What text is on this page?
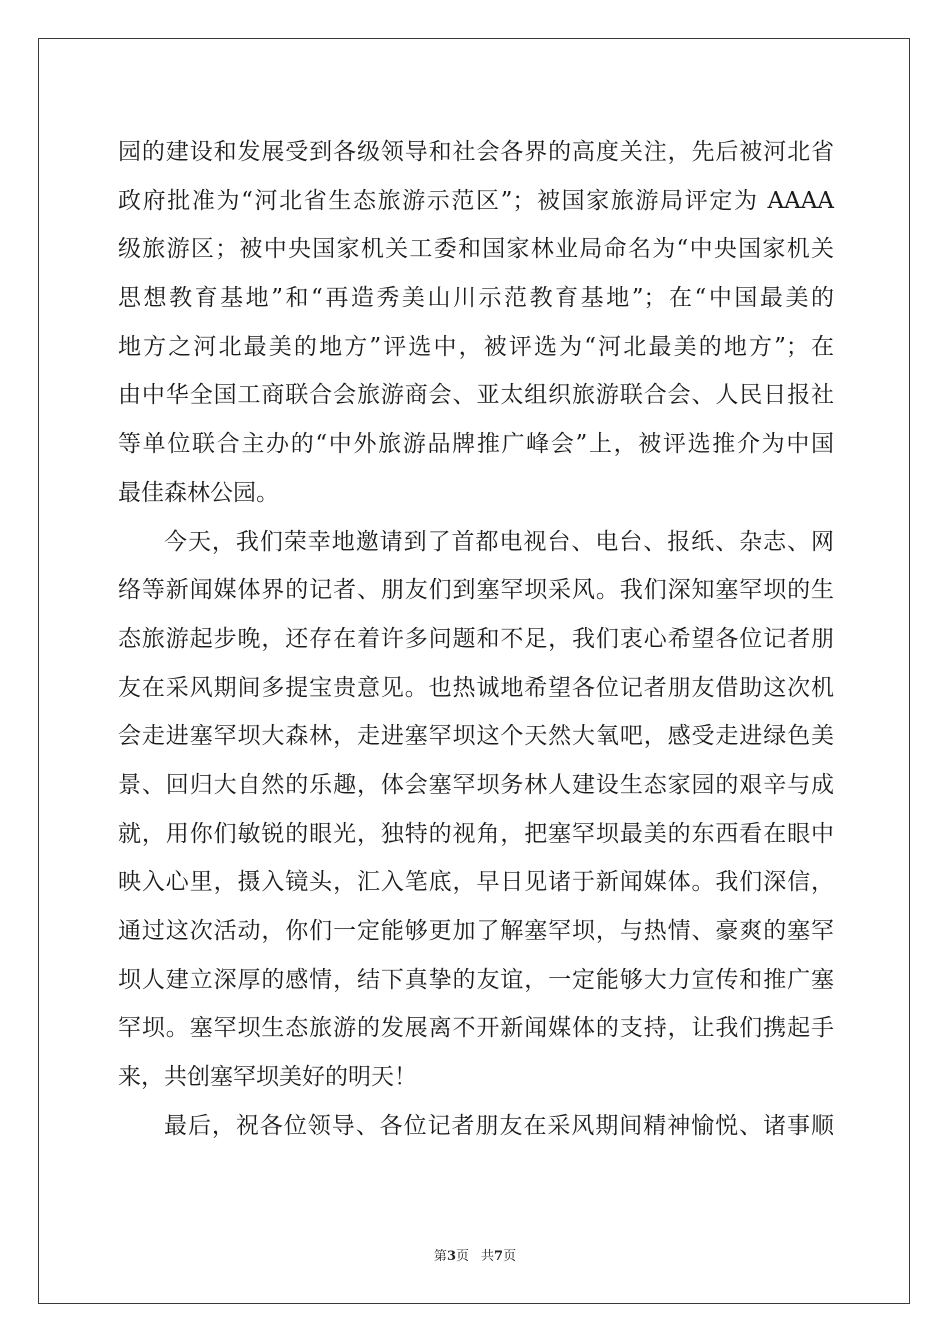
园的建设和发展受到各级领导和社会各界的高度关注，先后被河北省
政府批准为“河北省生态旅游示范区”；被国家旅游局评定为 AAAA
级旅游区；被中央国家机关工委和国家林业局命名为“中央国家机关
思想教育基地”和“再造秀美山川示范教育基地”；在“中国最美的
地方之河北最美的地方”评选中，被评选为“河北最美的地方”；在
由中华全国工商联合会旅游商会、亚太组织旅游联合会、人民日报社
等单位联合主办的“中外旅游品牌推广峰会”上，被评选推介为中国
最佳森林公园。
今天，我们荣幸地邀请到了首都电视台、电台、报纸、杂志、网
络等新闻媒体界的记者、朋友们到塞罕坝采风。我们深知塞罕坝的生
态旅游起步晚，还存在着许多问题和不足，我们衷心希望各位记者朋
友在采风期间多提宝贵意见。也热诚地希望各位记者朋友借助这次机
会走进塞罕坝大森林，走进塞罕坝这个天然大氧吧，感受走进绿色美
景、回归大自然的乐趣，体会塞罕坝务林人建设生态家园的艰辛与成
就，用你们敏锐的眼光，独特的视角，把塞罕坝最美的东西看在眼中
映入心里，摄入镜头，汇入笔底，早日见诸于新闻媒体。我们深信，
通过这次活动，你们一定能够更加了解塞罕坝，与热情、豪爽的塞罕
坝人建立深厚的感情，结下真挚的友谊，一定能够大力宣传和推广塞
罕坝。塞罕坝生态旅游的发展离不开新闻媒体的支持，让我们携起手
来，共创塞罕坝美好的明天！
最后，祝各位领导、各位记者朋友在采风期间精神愉悦、诸事顺
第3页 共7页
